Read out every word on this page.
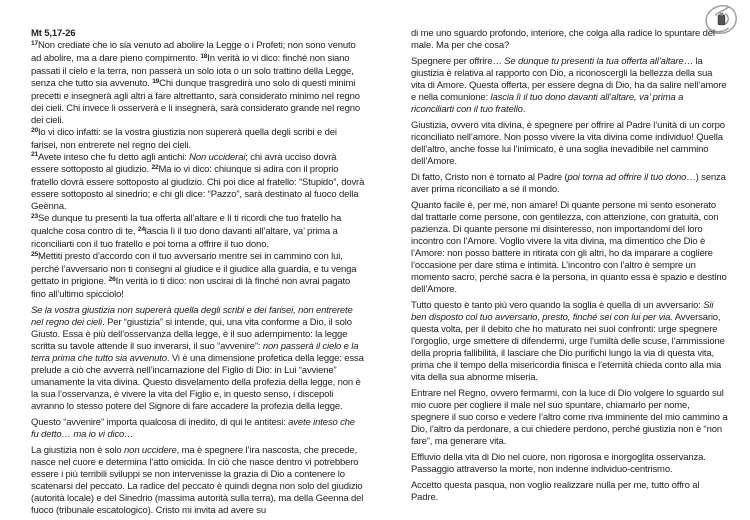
Mt 5,17-26

$^{17}$Non crediate che io sia venuto ad abolire la Legge o i Profeti; non sono venuto ad abolire, ma a dare pieno compimento. $^{18}$In verità io vi dico: finché non siano passati il cielo e la terra, non passerà un solo iota o un solo trattino della Legge, senza che tutto sia avvenuto. $^{19}$Chi dunque trasgredirà uno solo di questi minimi precetti e insegnerà agli altri a fare altrettanto, sarà considerato minimo nel regno dei cieli. Chi invece li osserverà e li insegnerà, sarà considerato grande nel regno dei cieli.

$^{20}$Io vi dico infatti: se la vostra giustizia non supererà quella degli scribi e dei farisei, non entrerete nel regno dei cieli.

$^{21}$Avete inteso che fu detto agli antichi: Non ucciderai; chi avrà ucciso dovrà essere sottoposto al giudizio. $^{22}$Ma io vi dico: chiunque si adira con il proprio fratello dovrà essere sottoposto al giudizio. Chi poi dice al fratello: “Stupido”, dovrà essere sottoposto al sinedrio; e chi gli dice: “Pazzo”, sarà destinato al fuoco della Geènna.

$^{23}$Se dunque tu presenti la tua offerta all’altare e lì ti ricordi che tuo fratello ha qualche cosa contro di te, $^{24}$lascia lì il tuo dono davanti all’altare, va’ prima a riconciliarti con il tuo fratello e poi torna a offrire il tuo dono.

$^{25}$Mettiti presto d’accordo con il tuo avversario mentre sei in cammino con lui, perché l’avversario non ti consegni al giudice e il giudice alla guardia, e tu venga gettato in prigione. $^{26}$In verità io ti dico: non uscirai di là finché non avrai pagato fino all’ultimo spicciolo!

Se la vostra giustizia non supererà quella degli scribi e dei farisei, non entrerete nel regno dei cieli. Per “giustizia” si intende, qui, una vita conforme a Dio, il solo Giusto. Essa è più dell’osservanza della legge, è il suo adempimento: la legge scritta su tavole attende il suo inverarsi, il suo “avvenire”: non passerà il cielo e la terra prima che tutto sia avvenuto. Vi è una dimensione profetica della legge: essa prelude a ciò che avverrà nell’incarnazione del Figlio di Dio: in Lui “avviene” umanamente la vita divina. Questo disvelamento della profezia della legge, non è la sua l’osservanza, è vivere la vita del Figlio e, in questo senso, i discepoli avranno lo stesso potere del Signore di fare accadere la profezia della legge.

Questo “avvenire” importa qualcosa di inedito, di qui le antitesi: avete inteso che fu detto… ma io vi dico…

La giustizia non è solo non uccidere, ma è spegnere l’ira nascosta, che precede, nasce nel cuore e determina l’atto omicida. In ciò che nasce dentro vi potrebbero essere i più terribili sviluppi se non intervenisse la grazia di Dio a contenere lo scatenarsi del peccato. La radice del peccato è quindi degna non solo del giudizio (autorità locale) e del Sinedrio (massima autorità sulla terra), ma della Geenna del fuoco (tribunale escatologico). Cristo mi invita ad avere su

di me uno sguardo profondo, interiore, che colga alla radice lo spuntare del male. Ma per che cosa?

Spegnere per offrire… Se dunque tu presenti la tua offerta all’altare… la giustizia è relativa al rapporto con Dio, a riconoscergli la bellezza della sua vita di Amore. Questa offerta, per essere degna di Dio, ha da salire nell’amore e nella comunione: lascia lì il tuo dono davanti all’altare, va’ prima a riconciliarti con il tuo fratello.

Giustizia, ovvero vita divina, è spegnere per offrire al Padre l’unità di un corpo riconciliato nell’amore. Non posso vivere la vita divina come individuo! Quella dell’altro, anche fosse lui l’inimicato, è una soglia inevadibile nel cammino dell’Amore.

Di fatto, Cristo non è tornato al Padre (poi torna ad offrire il tuo dono…) senza aver prima riconciliato a sé il mondo.

Quanto facile è, per me, non amare! Di quante persone mi sento esonerato dal trattarle come persone, con gentilezza, con attenzione, con gratuità, con pazienza. Di quante persone mi disinteresso, non importandomi del loro incontro con l’Amore. Voglio vivere la vita divina, ma dimentico che Dio è l’Amore: non posso battere in ritirata con gli altri, ho da imparare a cogliere l’occasione per dare stima e intimità. L’incontro con l’altro è sempre un momento sacro, perché sacra è la persona, in quanto essa è spazio e destino dell’Amore.

Tutto questo è tanto più vero quando la soglia è quella di un avversario: Sii ben disposto col tuo avversario, presto, finché sei con lui per via. Avversario, questa volta, per il debito che ho maturato nei suoi confronti: urge spegnere l’orgoglio, urge smettere di difendermi, urge l’umiltà delle scuse, l’ammissione della propria fallibilità, il lasciare che Dio purifichi lungo la via di questa vita, prima che il tempo della misericordia finisca e l’eternità chieda conto alla mia vita della sua abnorme miseria.

Entrare nel Regno, ovvero fermarmi, con la luce di Dio volgere lo sguardo sul mio cuore per cogliere il male nel suo spuntare, chiamarlo per nome, spegnere il suo corso e vedere l’altro come riva imminente del mio cammino a Dio, l’altro da perdonare, a cui chiedere perdono, perché giustizia non è “non fare”, ma generare vita.

Effluvio della vita di Dio nel cuore, non rigorosa e inorgoglita osservanza. Passaggio attraverso la morte, non indenne individuo-centrismo.

Accetto questa pasqua, non voglio realizzare nulla per me, tutto offro al Padre.
